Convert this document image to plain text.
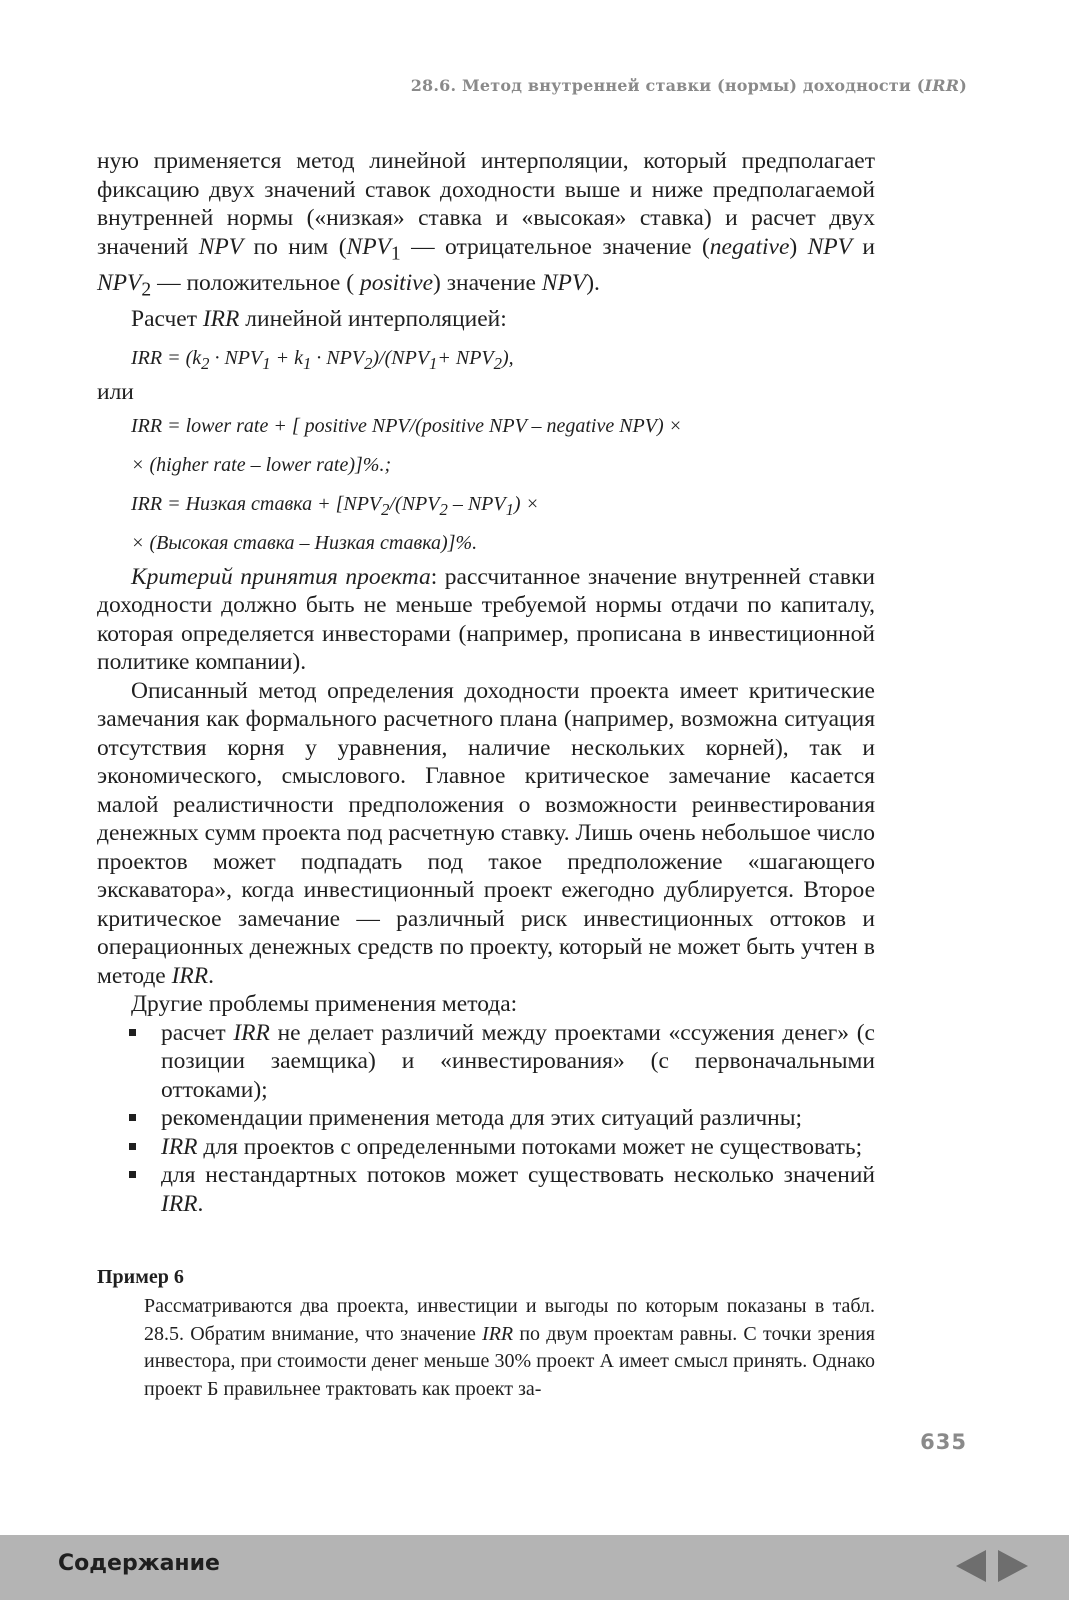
28.6. Метод внутренней ставки (нормы) доходности (IRR)

ную применяется метод линейной интерполяции, который предполагает фиксацию двух значений ставок доходности выше и ниже предполагаемой внутренней нормы («низкая» ставка и «высокая» ставка) и расчет двух значений NPV по ним ($NPV_1$ — отрицательное значение (negative) NPV и $NPV_2$ — положительное ( positive) значение NPV).

Расчет IRR линейной интерполяцией:

IRR = $(k_2 \cdot NPV_1 + k_1 \cdot NPV_2)/(NPV_1+ NPV_2)$,

или

IRR = lower rate + [ positive NPV/(positive NPV – negative NPV) ×
× (higher rate – lower rate)]%.;
IRR = Низкая ставка + [$NPV_2/(NPV_2 - NPV_1)$ ×
× (Высокая ставка – Низкая ставка)]%.

Критерий принятия проекта: рассчитанное значение внутренней ставки доходности должно быть не меньше требуемой нормы отдачи по капиталу, которая определяется инвесторами (например, прописана в инвестиционной политике компании).

Описанный метод определения доходности проекта имеет критические замечания как формального расчетного плана (например, возможна ситуация отсутствия корня у уравнения, наличие нескольких корней), так и экономического, смыслового. Главное критическое замечание касается малой реалистичности предположения о возможности реинвестирования денежных сумм проекта под расчетную ставку. Лишь очень небольшое число проектов может подпадать под такое предположение «шагающего экскаватора», когда инвестиционный проект ежегодно дублируется. Второе критическое замечание — различный риск инвестиционных оттоков и операционных денежных средств по проекту, который не может быть учтен в методе IRR.

Другие проблемы применения метода:

расчет IRR не делает различий между проектами «ссужения денег» (с позиции заемщика) и «инвестирования» (с первоначальными оттоками);
рекомендации применения метода для этих ситуаций различны;
IRR для проектов с определенными потоками может не существовать;
для нестандартных потоков может существовать несколько значений IRR.
Пример 6
Рассматриваются два проекта, инвестиции и выгоды по которым показаны в табл. 28.5. Обратим внимание, что значение IRR по двум проектам равны. С точки зрения инвестора, при стоимости денег меньше 30% проект А имеет смысл принять. Однако проект Б правильнее трактовать как проект за-
635
Содержание
